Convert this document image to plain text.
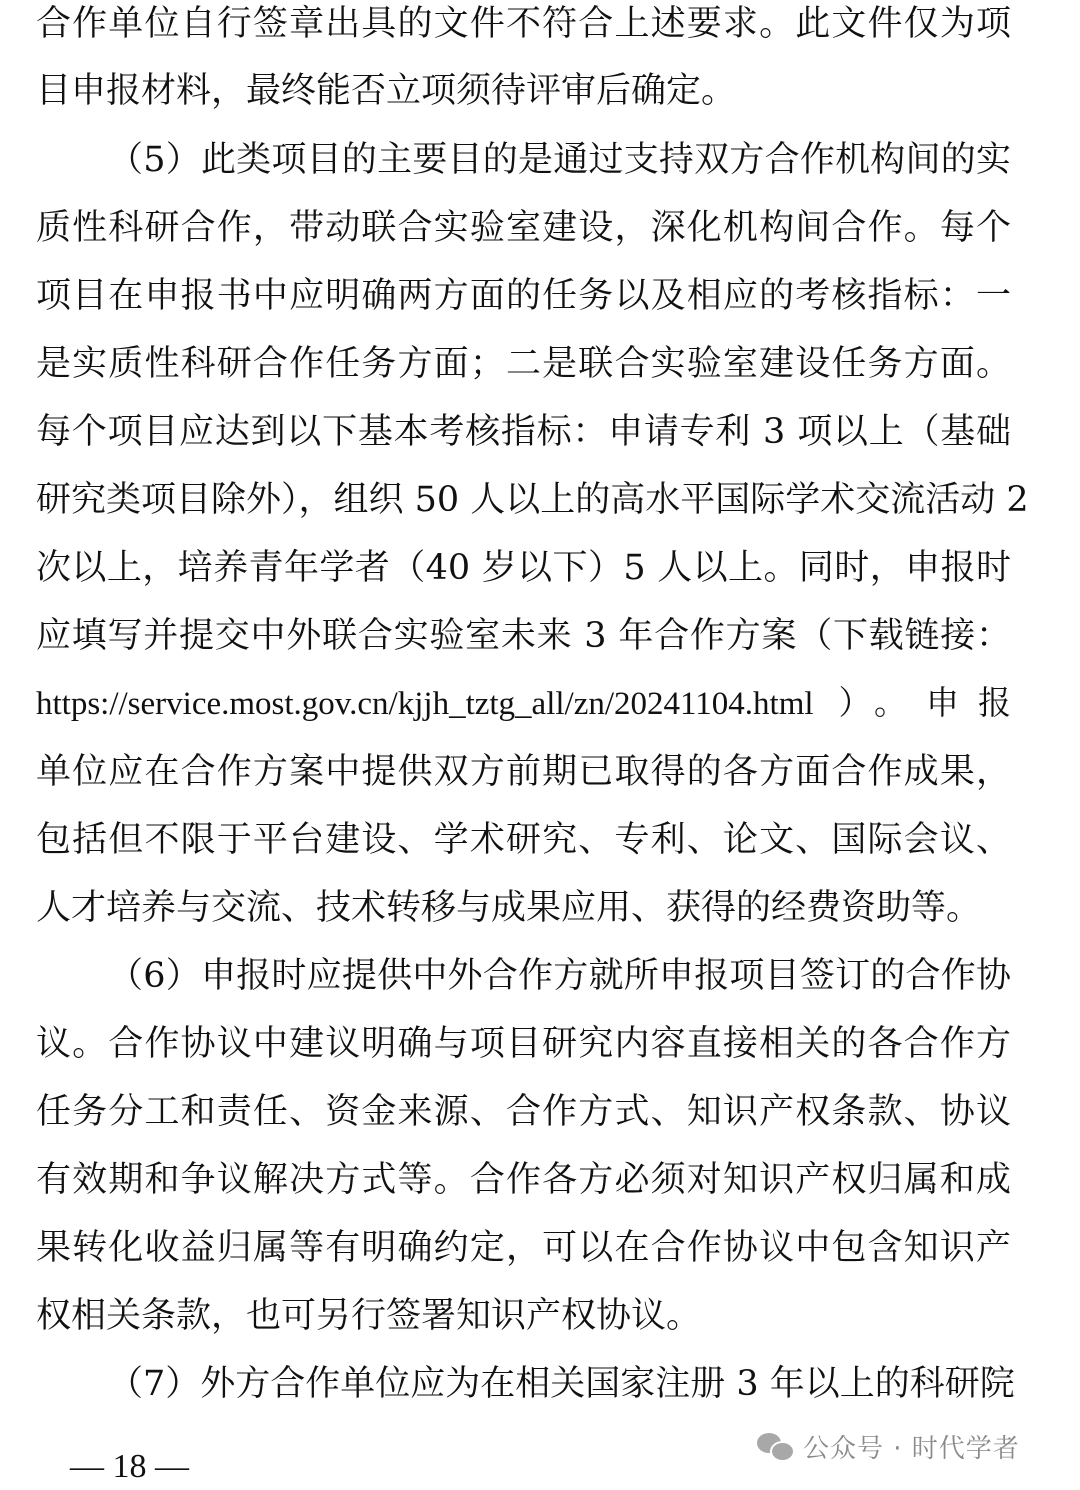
合作单位自行签章出具的文件不符合上述要求。此文件仅为项
目申报材料，最终能否立项须待评审后确定。
（5）此类项目的主要目的是通过支持双方合作机构间的实
质性科研合作，带动联合实验室建设，深化机构间合作。每个
项目在申报书中应明确两方面的任务以及相应的考核指标：一
是实质性科研合作任务方面；二是联合实验室建设任务方面。
每个项目应达到以下基本考核指标：申请专利 3 项以上（基础
研究类项目除外），组织 50 人以上的高水平国际学术交流活动 2
次以上，培养青年学者（40 岁以下）5 人以上。同时，申报时
应填写并提交中外联合实验室未来 3 年合作方案（下载链接：
https://service.most.gov.cn/kjjh_tztg_all/zn/20241104.html ）。申报
单位应在合作方案中提供双方前期已取得的各方面合作成果，
包括但不限于平台建设、学术研究、专利、论文、国际会议、
人才培养与交流、技术转移与成果应用、获得的经费资助等。
（6）申报时应提供中外合作方就所申报项目签订的合作协
议。合作协议中建议明确与项目研究内容直接相关的各合作方
任务分工和责任、资金来源、合作方式、知识产权条款、协议
有效期和争议解决方式等。合作各方必须对知识产权归属和成
果转化收益归属等有明确约定，可以在合作协议中包含知识产
权相关条款，也可另行签署知识产权协议。
（7）外方合作单位应为在相关国家注册 3 年以上的科研院
公众号 · 时代学者
— 18 —
